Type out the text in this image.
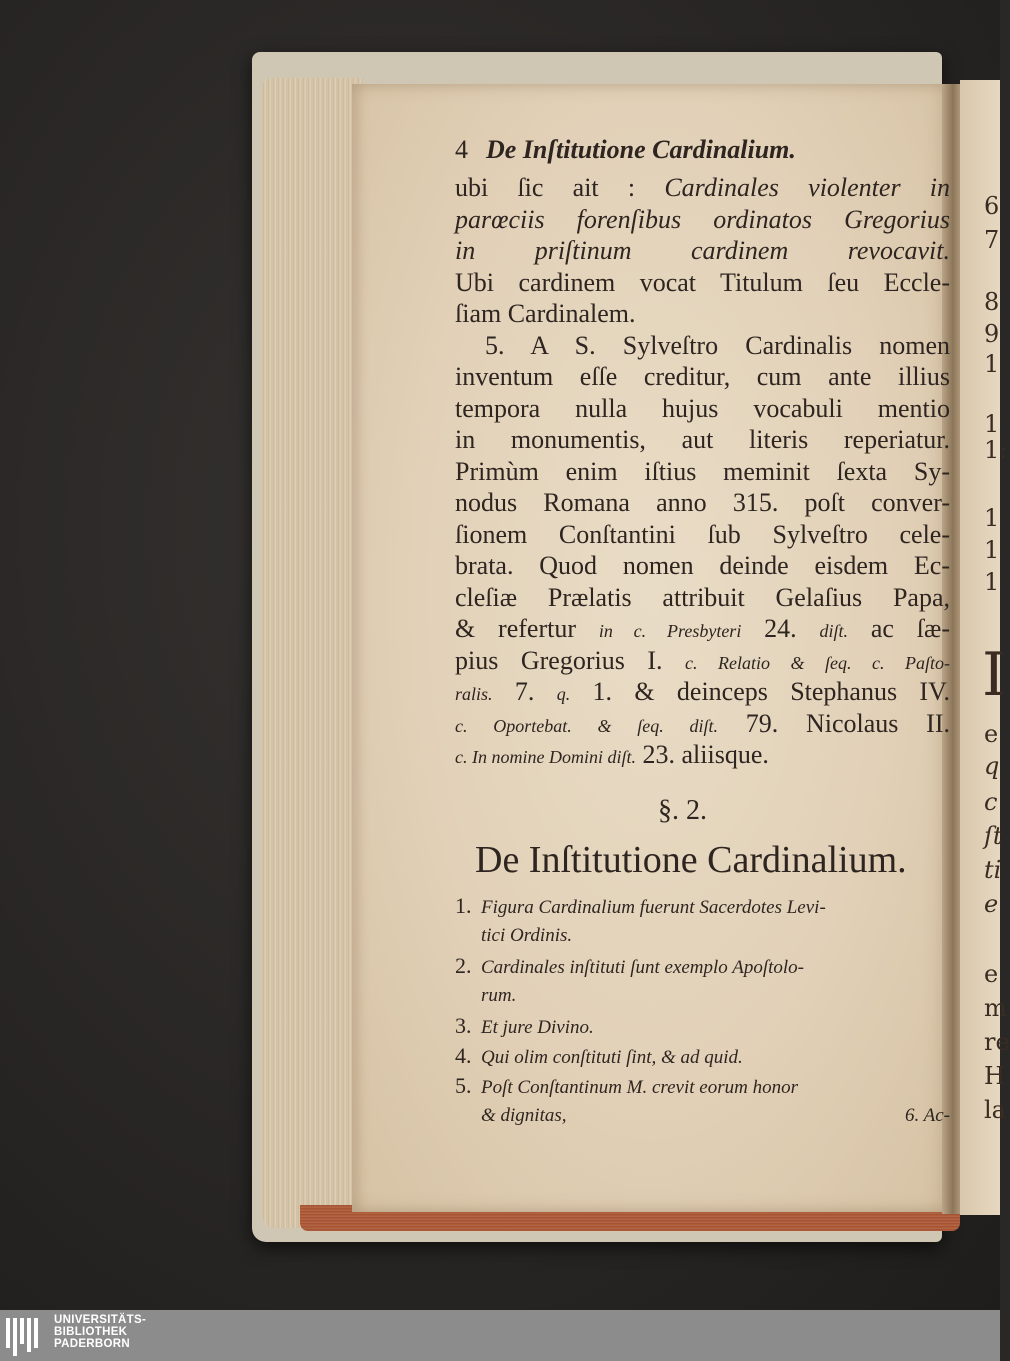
6
7
8
9
1
1
1:
1
1
1
I
e
q
c
ſt
ti
e
e
m
re
H
la
4 De Inſtitutione Cardinalium.
ubi ſic ait : Cardinales violenter in
parœciis forenſibus ordinatos Gregorius
in priſtinum cardinem revocavit.
Ubi cardinem vocat Titulum ſeu Eccle-
ſiam Cardinalem.
5. A S. Sylveſtro Cardinalis nomen
inventum eſſe creditur, cum ante illius
tempora nulla hujus vocabuli mentio
in monumentis, aut literis reperiatur.
Primùm enim iſtius meminit ſexta Sy-
nodus Romana anno 315. poſt conver-
ſionem Conſtantini ſub Sylveſtro cele-
brata. Quod nomen deinde eisdem Ec-
cleſiæ Prælatis attribuit Gelaſius Papa,
& refertur in c. Presbyteri 24. diſt. ac ſæ-
pius Gregorius I. c. Relatio & ſeq. c. Paſto-
ralis. 7. q. 1. & deinceps Stephanus IV.
c. Oportebat. & ſeq. diſt. 79. Nicolaus II.
c. In nomine Domini diſt. 23. aliisque.
§. 2.
De Inſtitutione Cardinalium.
1. Figura Cardinalium fuerunt Sacerdotes Levi-
tici Ordinis.
2. Cardinales inſtituti ſunt exemplo Apoſtolo-
rum.
3. Et jure Divino.
4. Qui olim conſtituti ſint, & ad quid.
5. Poſt Conſtantinum M. crevit eorum honor
& dignitas,	6. Ac-
UNIVERSITÄTS-
BIBLIOTHEK
PADERBORN
